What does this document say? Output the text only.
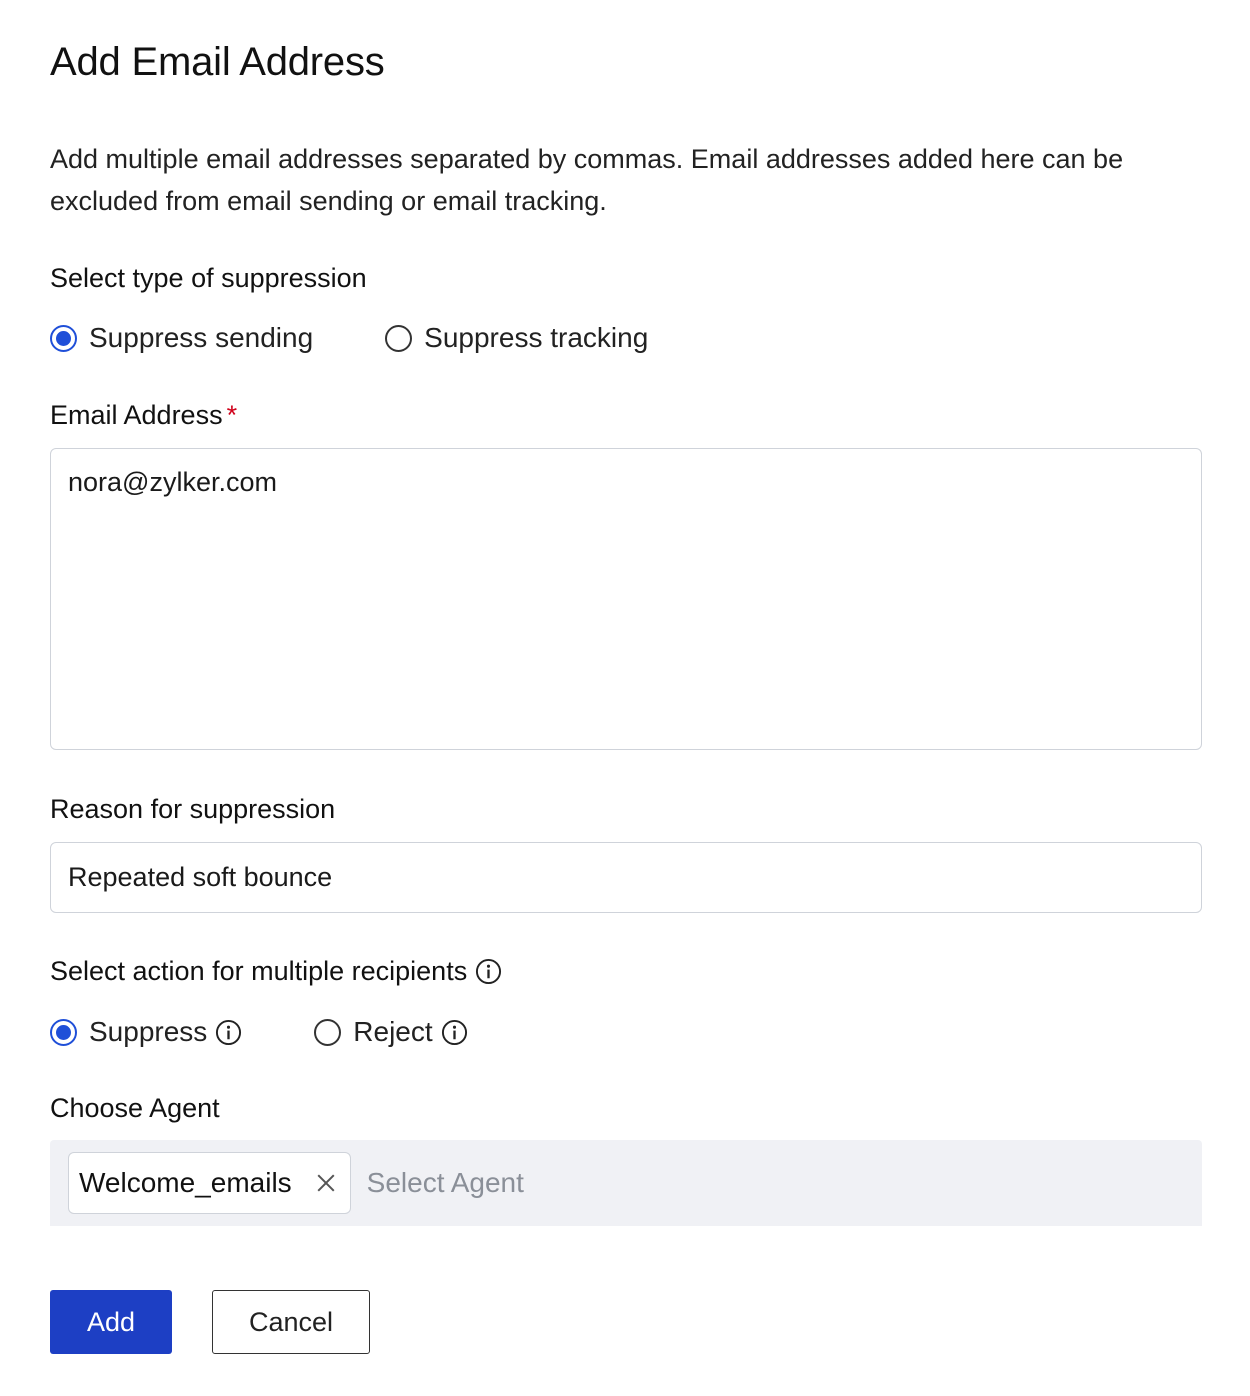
Add Email Address

Add multiple email addresses separated by commas. Email addresses added here can be excluded from email sending or email tracking.

Select type of suppression
Suppress sending	Suppress tracking
Email Address *
nora@zylker.com
Reason for suppression
Repeated soft bounce
Select action for multiple recipients
Suppress	Reject
Choose Agent
Welcome_emails	Select Agent
Add	Cancel
